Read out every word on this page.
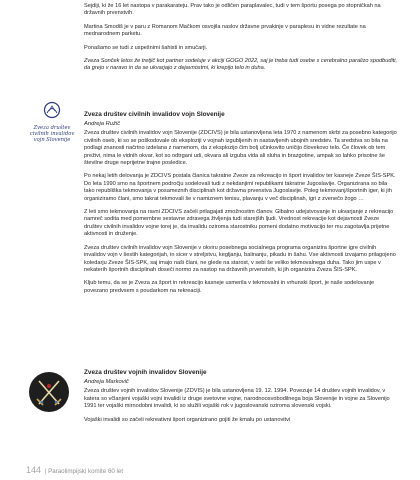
Sejdiji, ki že 16 let nastopa v parakarateju. Prav tako je odličen paraplavalec, tudi v tem športu posega po stopničkah na državnih prvenstvih.

Martina Smodiš je v paru z Romanom Mačkom osvojila naslov državne prvakinje v paraplesu in vidne rezultate na mednarodnem parketu.

Ponašamo se tudi z uspešnimi šahisti in smučarji.

Zveza Sonček letos že tretjič kot partner sodeluje v akciji GOGO 2022, saj je treba tudi osebe s cerebralno paralizo spodbuditi, da grejo v naravo in da se ukvarjajo z dejavnostmi, ki krepijo telo in duha.

Zveza društev civilnih invalidov vojn Slovenije
Zveza društev civilnih invalidov vojn Slovenije
Andreja Ružič

Zveza društev civilnih invalidov vojn Slovenije (ZDCIVS) je bila ustanovljena leta 1970 z namenom skrbi za posebno kategorijo civilnih oseb, ki so se poškodovale ob eksploziji v vojnah izgubljenih in nastavljenih ubojnih sredstev. Ta sredstva so bila na podlagi znanosti načrtno izdelana z namenom, da z eksplozijo čim bolj učinkovito uničijo človekovo telo. Če človek ob tem preživi, nima le vidnih okvar, kot so odtrgani udi, okvara ali izguba vida ali sluha in brazgotine, ampak so lahko prisotne še številne druge neprijetne trajne posledice.

Po nekaj letih delovanja je ZDCIVS postala članica takratne Zveze za rekreacijo in šport invalidov ter kasneje Zveze ŠIS-SPK. Do leta 1990 smo na športnem področju sodelovali tudi z nekdanjimi republikami takratne Jugoslavije. Organizirana so bila tako republiška tekmovanja v posameznih disciplinah kot državna prvenstva Jugoslavije. Poleg tekmovanj/športnih iger, ki jih organiziramo člani, smo takrat tekmovali še v namiznem tenisu, plavanju v več disciplinah, igri z zvenečo žogo …

Z leti smo tekmovanja na ravni ZDCIVS začeli prilagajati zmožnostim članov. Glbalno udejstvovanje in ukvarjanje z rekreacijo namreč sodita med pomembne sestavne zdravega življenja tudi starejših ljudi. Vrednost rekreacije kot dejavnosti Zveze društev civilnih invalidov vojne torej je, da invalidu oziroma starostniku pomeni dodatno motivacijo ter mu zagotavlja prijetne aktivnosti in druženje.

Zveza društev civilnih invalidov vojn Slovenije v okviru posebnega socialnega programa organizira športne igre civilnih invalidov vojn v šestih kategorijah, in sicer v streljstvu, kegljanju, balinanju, pikadu in šahu. Vse aktivnosti izvajamo prilagojeno koledarju Zveze ŠIS-SPK, saj imajo naši člani, ne glede na starost, v sebi še veliko tekmovalnega duha. Tako jim uspe v nekaterih športnih disciplinah doseči normo za nastop na državnih prvenstvih, ki jih organizira Zveza ŠIS-SPK.

Kljub temu, da se je Zveza za šport in rekreacijo kasneje usmerila v tekmovalni in vrhunski šport, je naše sodelovanje povezano predvsem s poudarkom na rekreaciji.

Zveza društev vojnih invalidov Slovenije
Andreja Markovič

Zveza društev vojnih invalidov Slovenije (ZDVIS) je bila ustanovljena 19. 12. 1994. Povezuje 14 društev vojnih invalidov, v katera so včlanjeni vojaški vojni invalidi iz druge svetovne vojne, narodnoosvobodilnega boja Slovenije in vojne za Slovenijo 1991 ter vojaški mirnodobni invalidi, ki so služili vojaški rok v jugoslovanski oziroma slovenski vojski.

Vojaški invalidi so začeli rekreativni šport organizirano gojiti že kmalu po ustanovitvi

144 | Paraolimpijski komite 60 let
